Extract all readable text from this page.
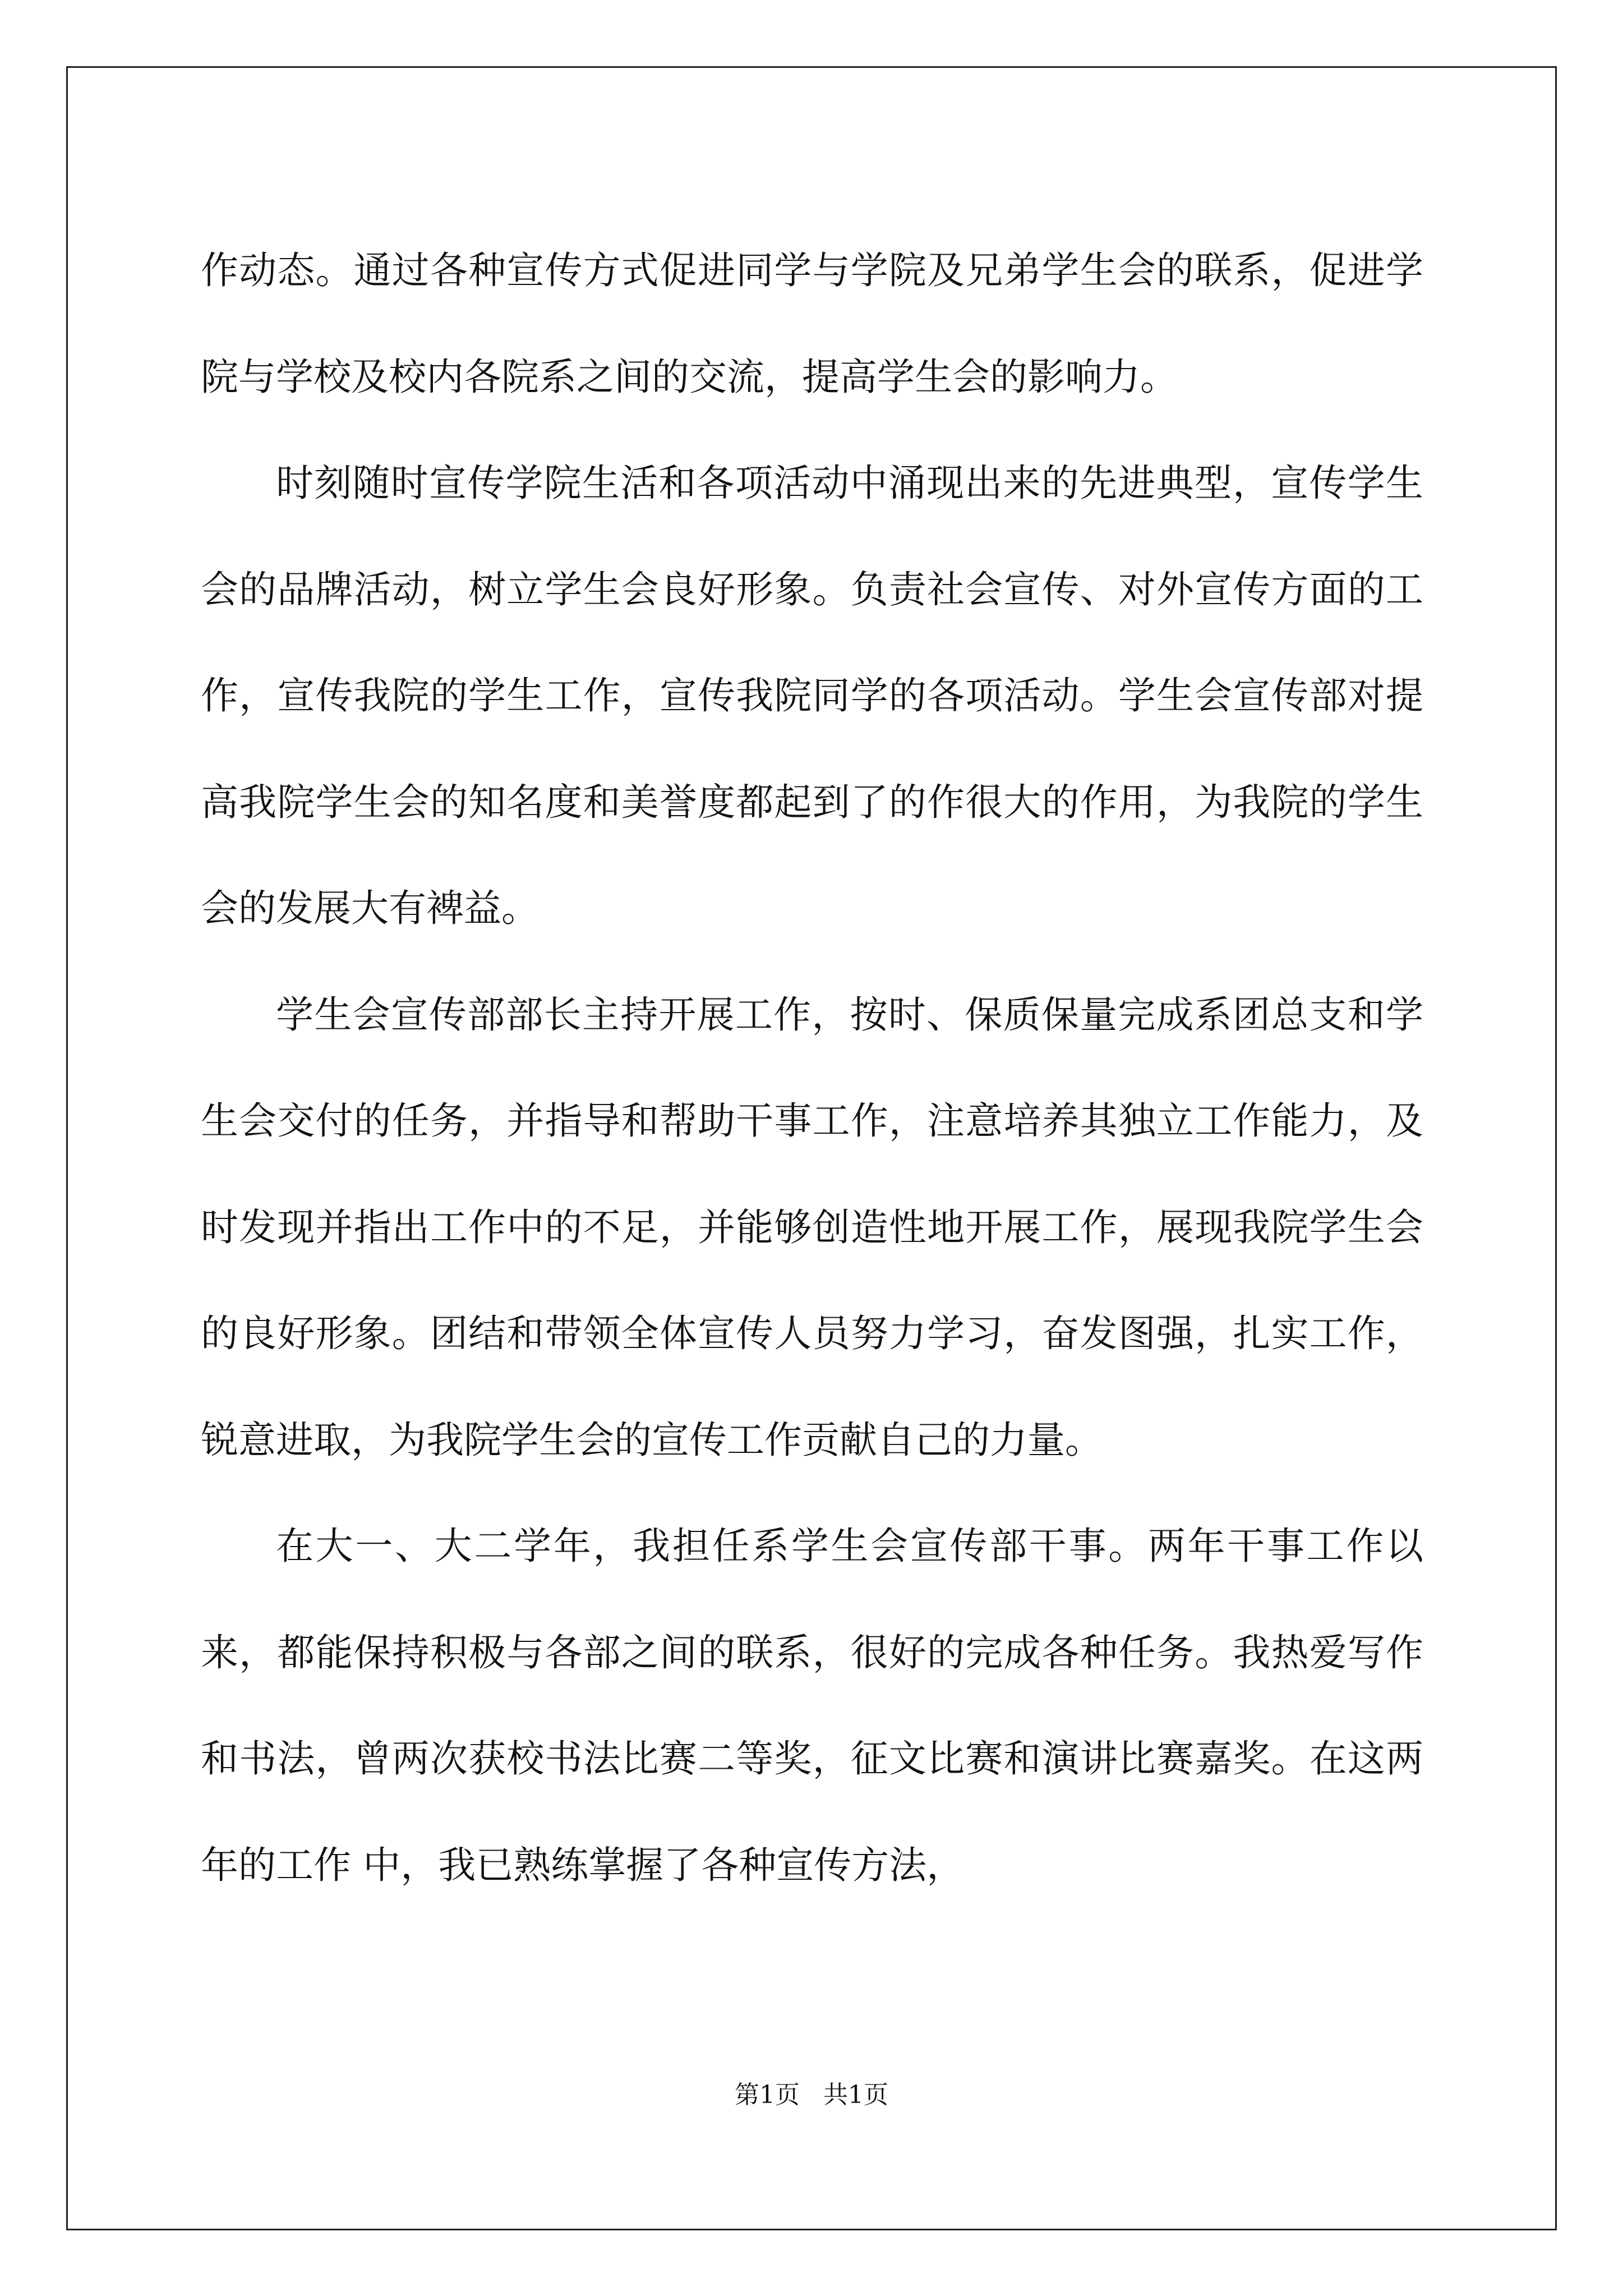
作动态。通过各种宣传方式促进同学与学院及兄弟学生会的联系，促进学院与学校及校内各院系之间的交流，提高学生会的影响力。

时刻随时宣传学院生活和各项活动中涌现出来的先进典型，宣传学生会的品牌活动，树立学生会良好形象。负责社会宣传、对外宣传方面的工作，宣传我院的学生工作，宣传我院同学的各项活动。学生会宣传部对提高我院学生会的知名度和美誉度都起到了的作很大的作用，为我院的学生会的发展大有裨益。

学生会宣传部部长主持开展工作，按时、保质保量完成系团总支和学生会交付的任务，并指导和帮助干事工作，注意培养其独立工作能力，及时发现并指出工作中的不足，并能够创造性地开展工作，展现我院学生会的良好形象。团结和带领全体宣传人员努力学习，奋发图强，扎实工作，锐意进取，为我院学生会的宣传工作贡献自己的力量。

在大一、大二学年，我担任系学生会宣传部干事。两年干事工作以来，都能保持积极与各部之间的联系，很好的完成各种任务。我热爱写作和书法，曾两次获校书法比赛二等奖，征文比赛和演讲比赛嘉奖。在这两年的工作 中，我已熟练掌握了各种宣传方法，

第1页 共1页
